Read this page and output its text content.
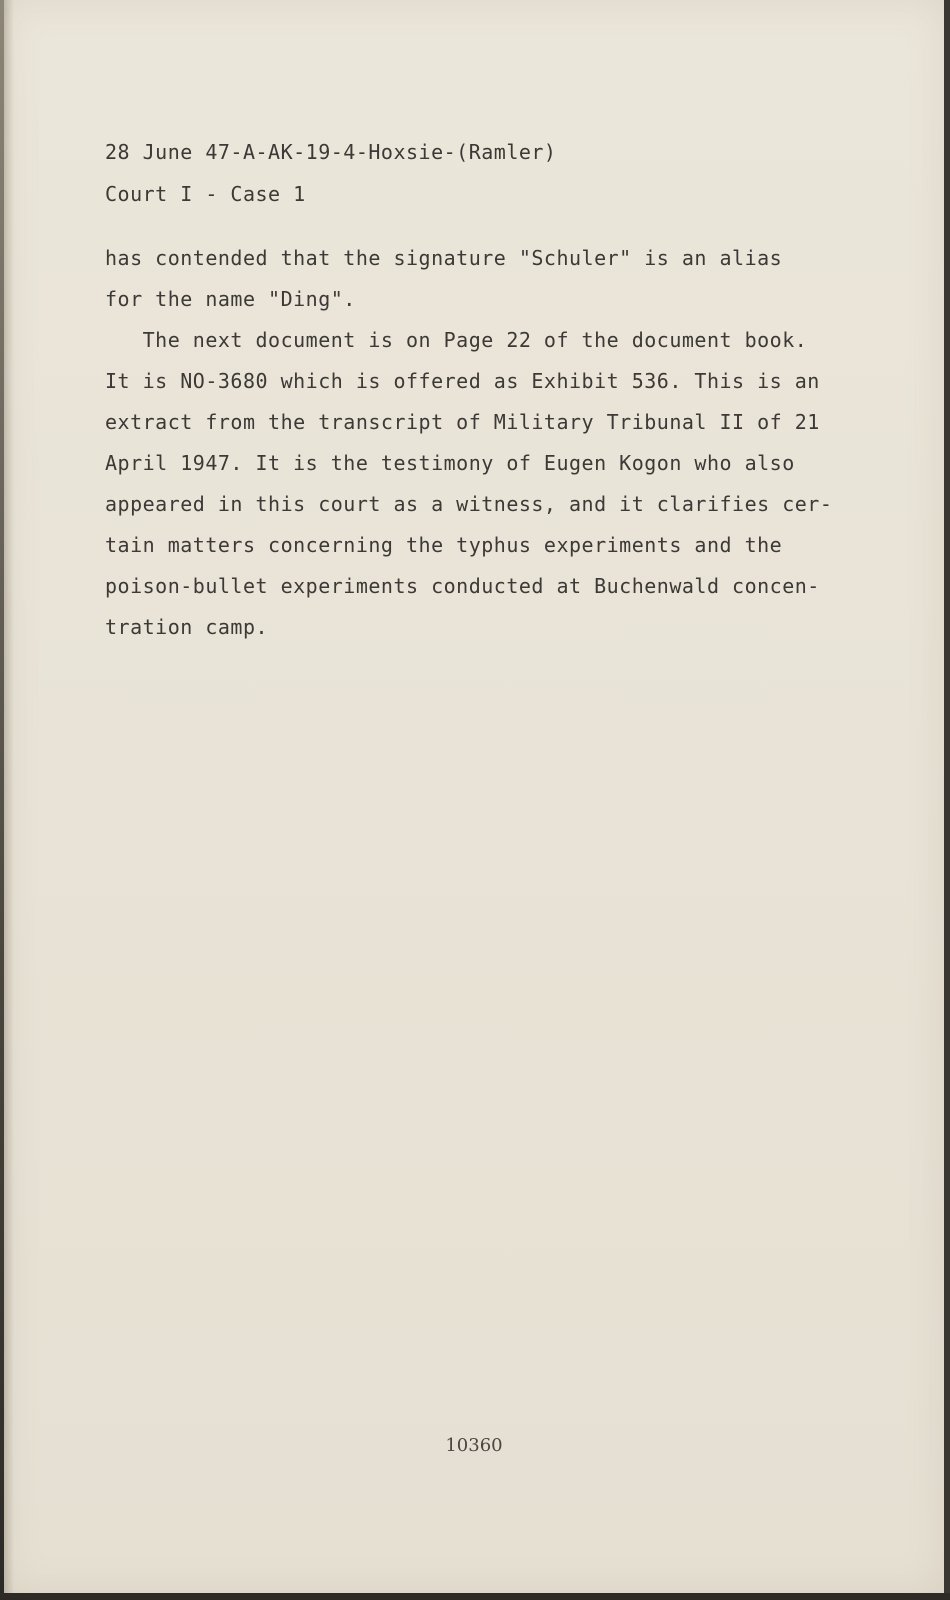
28 June 47-A-AK-19-4-Hoxsie-(Ramler)
Court I - Case 1
has contended that the signature "Schuler" is an alias
for the name "Ding".
The next document is on Page 22 of the document book.
It is NO-3680 which is offered as Exhibit 536. This is an
extract from the transcript of Military Tribunal II of 21
April 1947. It is the testimony of Eugen Kogon who also
appeared in this court as a witness, and it clarifies cer-
tain matters concerning the typhus experiments and the
poison-bullet experiments conducted at Buchenwald concen-
tration camp.
10360
